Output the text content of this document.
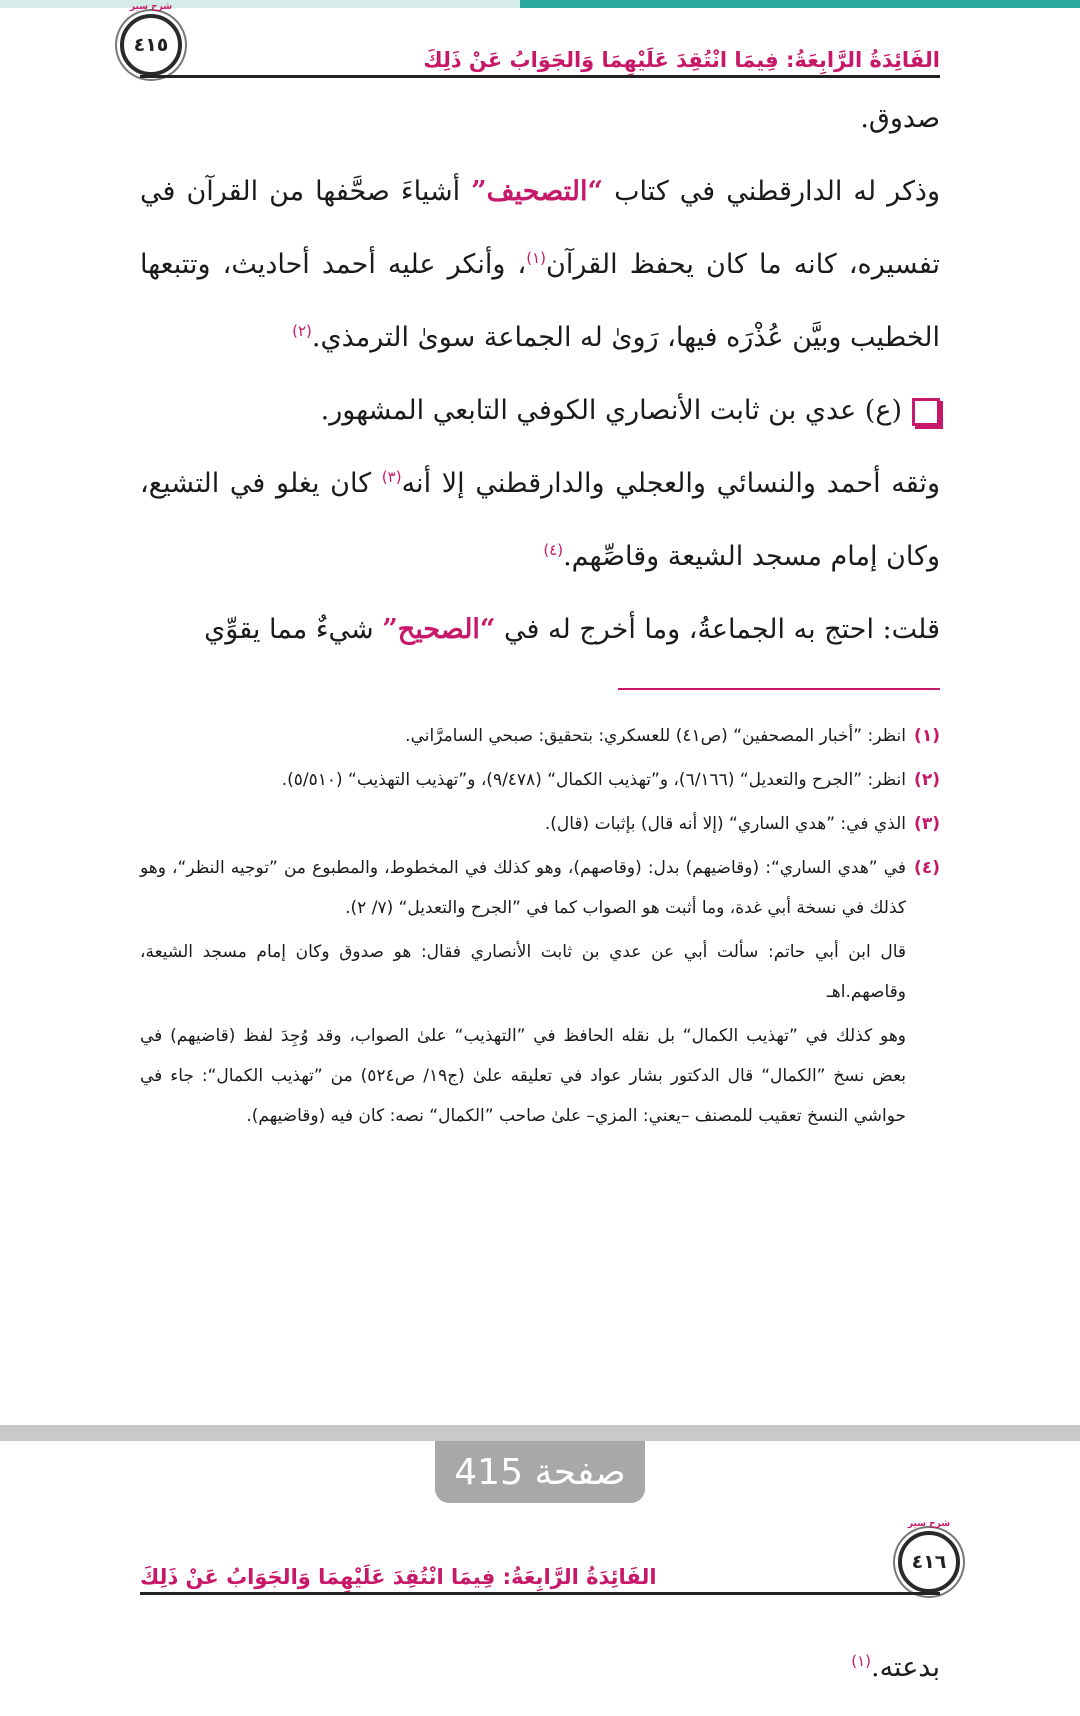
شرح سير
٤١٥
الفَائِدَةُ الرَّابِعَةُ: فِيمَا انْتُقِدَ عَلَيْهِمَا وَالجَوَابُ عَنْ ذَلِكَ

صدوق.

وذكر له الدارقطني في كتاب “التصحيف” أشياءَ صحَّفها من القرآن في تفسيره، كانه ما كان يحفظ القرآن$^{(١)}$، وأنكر عليه أحمد أحاديث، وتتبعها الخطيب وبيَّن عُذْرَه فيها، رَوىٰ له الجماعة سوىٰ الترمذي.$^{(٢)}$

(ع) عدي بن ثابت الأنصاري الكوفي التابعي المشهور.

وثقه أحمد والنسائي والعجلي والدارقطني إلا أنه$^{(٣)}$ كان يغلو في التشيع، وكان إمام مسجد الشيعة وقاصِّهم.$^{(٤)}$

قلت: احتج به الجماعةُ، وما أخرج له في “الصحيح” شيءٌ مما يقوِّي

(١)
انظر: ”أخبار المصحفين“ (ص٤١) للعسكري: بتحقيق: صبحي السامرَّاني.
(٢)
انظر: ”الجرح والتعديل“ (٦/١٦٦)، و”تهذيب الكمال“ (٩/٤٧٨)، و”تهذيب التهذيب“ (٥/٥١٠).
(٣)
الذي في: ”هدي الساري“ (إلا أنه قال) بإثبات (قال).
(٤)
في ”هدي الساري“: (وقاضيهم) بدل: (وقاصهم)، وهو كذلك في المخطوط، والمطبوع من ”توجيه النظر“، وهو كذلك في نسخة أبي غدة، وما أثبت هو الصواب كما في ”الجرح والتعديل“ (٧/ ٢).
قال ابن أبي حاتم: سألت أبي عن عدي بن ثابت الأنصاري فقال: هو صدوق وكان إمام مسجد الشيعة، وقاصهم.اهـ
وهو كذلك في ”تهذيب الكمال“ بل نقله الحافظ في ”التهذيب“ علىٰ الصواب، وقد وُجِدَ لفظ (قاضيهم) في بعض نسخ ”الكمال“ قال الدكتور بشار عواد في تعليقه علىٰ (ج١٩/ ص٥٢٤) من ”تهذيب الكمال“: جاء في حواشي النسخ تعقيب للمصنف –يعني: المزي– علىٰ صاحب ”الكمال“ نصه: كان فيه (وقاضيهم).
صفحة 415
شرح سير
٤١٦
الفَائِدَةُ الرَّابِعَةُ: فِيمَا انْتُقِدَ عَلَيْهِمَا وَالجَوَابُ عَنْ ذَلِكَ

بدعته.$^{(١)}$
